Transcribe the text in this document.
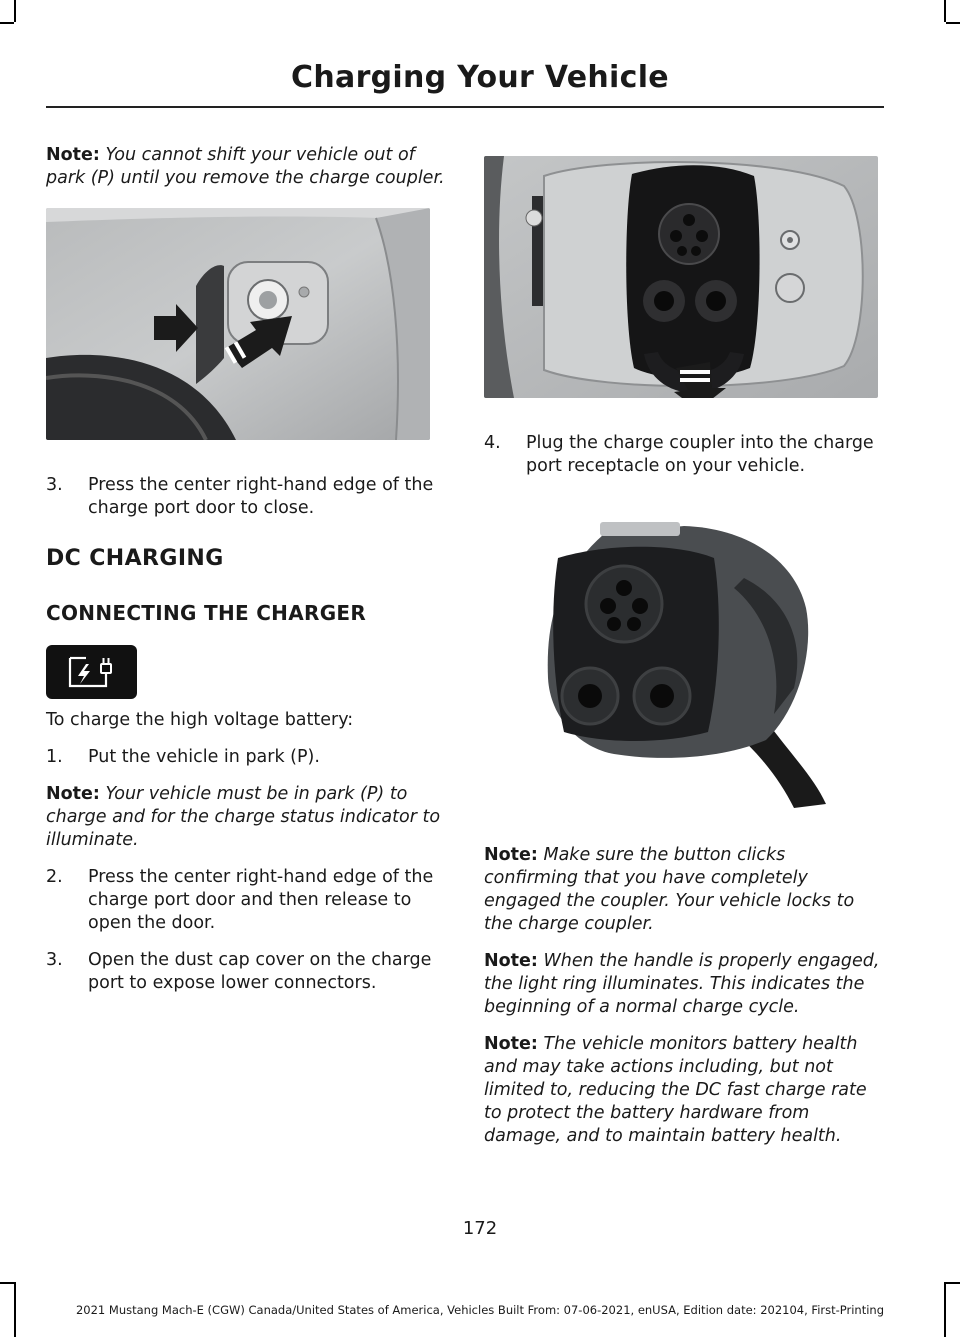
Charging Your Vehicle

Note: You cannot shift your vehicle out of park (P) until you remove the charge coupler.

3.	Press the center right-hand edge of the charge port door to close.
DC CHARGING
CONNECTING THE CHARGER

To charge the high voltage battery:

1.	Put the vehicle in park (P).

Note: Your vehicle must be in park (P) to charge and for the charge status indicator to illuminate.

2.	Press the center right-hand edge of the charge port door and then release to open the door.
3.	Open the dust cap cover on the charge port to expose lower connectors.
4.	Plug the charge coupler into the charge port receptacle on your vehicle.

Note: Make sure the button clicks confirming that you have completely engaged the coupler. Your vehicle locks to the charge coupler.

Note: When the handle is properly engaged, the light ring illuminates. This indicates the beginning of a normal charge cycle.

Note: The vehicle monitors battery health and may take actions including, but not limited to, reducing the DC fast charge rate to protect the battery hardware from damage, and to maintain battery health.

172
2021 Mustang Mach-E (CGW) Canada/United States of America, Vehicles Built From: 07-06-2021, enUSA, Edition date: 202104, First-Printing
